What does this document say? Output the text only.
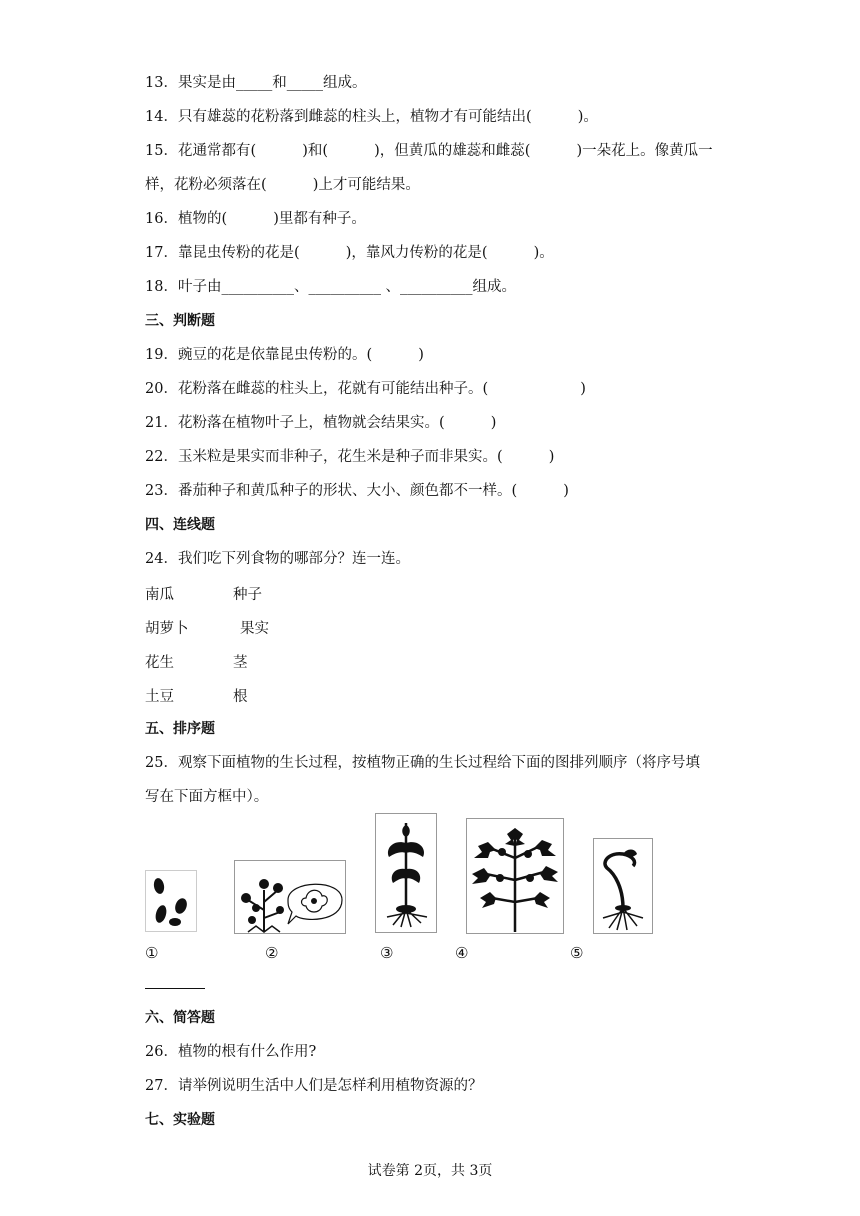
13．果实是由_____和_____组成。
14．只有雄蕊的花粉落到雌蕊的柱头上，植物才有可能结出(          )。
15．花通常都有(          )和(          )，但黄瓜的雄蕊和雌蕊(          )一朵花上。像黄瓜一
样，花粉必须落在(          )上才可能结果。
16．植物的(          )里都有种子。
17．靠昆虫传粉的花是(          )，靠风力传粉的花是(          )。
18．叶子由__________、__________ 、__________组成。
三、判断题
19．豌豆的花是依靠昆虫传粉的。(          )
20．花粉落在雌蕊的柱头上，花就有可能结出种子。(                    )
21．花粉落在植物叶子上，植物就会结果实。(          )
22．玉米粒是果实而非种子，花生米是种子而非果实。(          )
23．番茄种子和黄瓜种子的形状、大小、颜色都不一样。(          )
四、连线题
24．我们吃下列食物的哪部分？连一连。
南瓜	种子
胡萝卜	果实
花生	茎
土豆	根
五、排序题
25．观察下面植物的生长过程，按植物正确的生长过程给下面的图排列顺序（将序号填
写在下面方框中）。
①	②	③	④	⑤
六、简答题
26．植物的根有什么作用?
27．请举例说明生活中人们是怎样利用植物资源的？
七、实验题
试卷第 2页，共 3页
